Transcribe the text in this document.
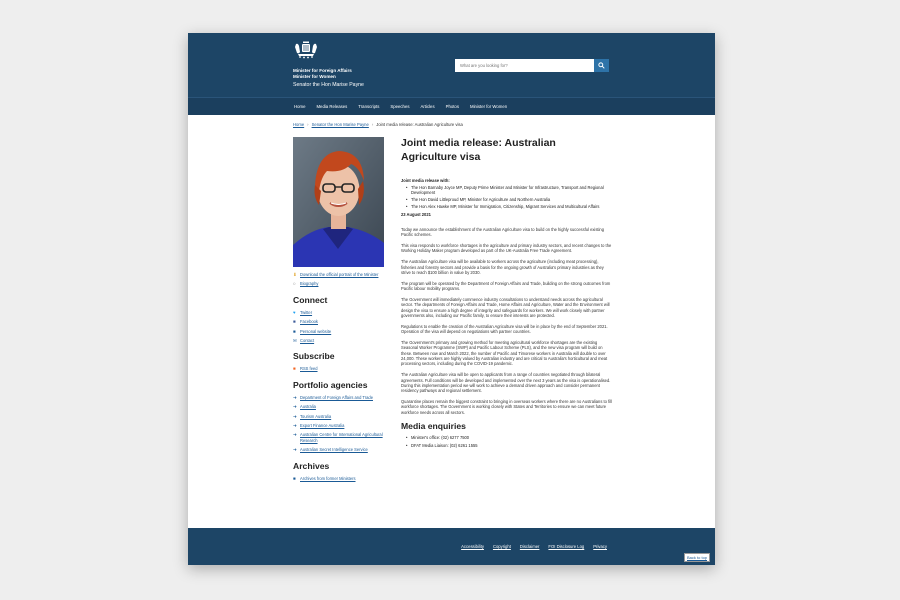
Minister for Foreign Affairs
Minister for Women
Senator the Hon Marise Payne
What are you looking for?
Home	Media Releases	Transcripts	Speeches	Articles	Photos	Minister for Women
Home › Senator the Hon Marise Payne › Joint media release: Australian Agriculture visa
⬇ Download the official portrait of the Minister
○	Biography
Connect
♥	Twitter
■	Facebook
■	Personal website
✉ Contact
Subscribe
■	RSS feed
Portfolio agencies
➜ Department of Foreign Affairs and Trade
➜ Australia
➜ Tourism Australia
➜ Export Finance Australia
➜ Australian Centre for International Agricultural Research
➜ Australian Secret Intelligence Service
Archives
■	Archives from former Ministers
Joint media release: Australian Agriculture visa
Joint media release with:
• The Hon Barnaby Joyce MP, Deputy Prime Minister and Minister for Infrastructure, Transport and Regional Development
• The Hon David Littleproud MP, Minister for Agriculture and Northern Australia
• The Hon Alex Hawke MP, Minister for Immigration, Citizenship, Migrant Services and Multicultural Affairs
23 August 2021

Today we announce the establishment of the Australian Agriculture visa to build on the highly successful existing Pacific schemes.

This visa responds to workforce shortages in the agriculture and primary industry sectors, and recent changes to the Working Holiday Maker program developed as part of the UK-Australia Free Trade Agreement.

The Australian Agriculture visa will be available to workers across the agriculture (including meat processing), fisheries and forestry sectors and provide a basis for the ongoing growth of Australia's primary industries as they strive to reach $100 billion in value by 2030.

The program will be operated by the Department of Foreign Affairs and Trade, building on the strong outcomes from Pacific labour mobility programs.

The Government will immediately commence industry consultations to understand needs across the agricultural sector. The departments of Foreign Affairs and Trade, Home Affairs and Agriculture, Water and the Environment will design the visa to ensure a high degree of integrity and safeguards for workers. We will work closely with partner governments also, including our Pacific family, to ensure their interests are protected.

Regulations to enable the creation of the Australian Agriculture visa will be in place by the end of September 2021. Operation of the visa will depend on negotiations with partner countries.

The Government's primary and growing method for meeting agricultural workforce shortages are the existing Seasonal Worker Programme (SWP) and Pacific Labour Scheme (PLS), and the new visa program will build on these. Between now and March 2022, the number of Pacific and Timorese workers in Australia will double to over 24,000. These workers are highly valued by Australian industry and are critical to Australia's horticultural and meat processing sectors, including during the COVID-19 pandemic.

The Australian Agriculture visa will be open to applicants from a range of countries negotiated through bilateral agreements. Full conditions will be developed and implemented over the next 3 years as the visa is operationalised. During this implementation period we will work to achieve a demand driven approach and consider permanent residency pathways and regional settlement.

Quarantine places remain the biggest constraint to bringing in overseas workers where there are no Australians to fill workforce shortages. The Government is working closely with States and Territories to ensure we can meet future workforce needs across all sectors.

Media enquiries
• Minister's office: (02) 6277 7500
• DFAT Media Liaison: (02) 6261 1555
Accessibility Copyright Disclaimer FOI Disclosure Log Privacy
Back to top
